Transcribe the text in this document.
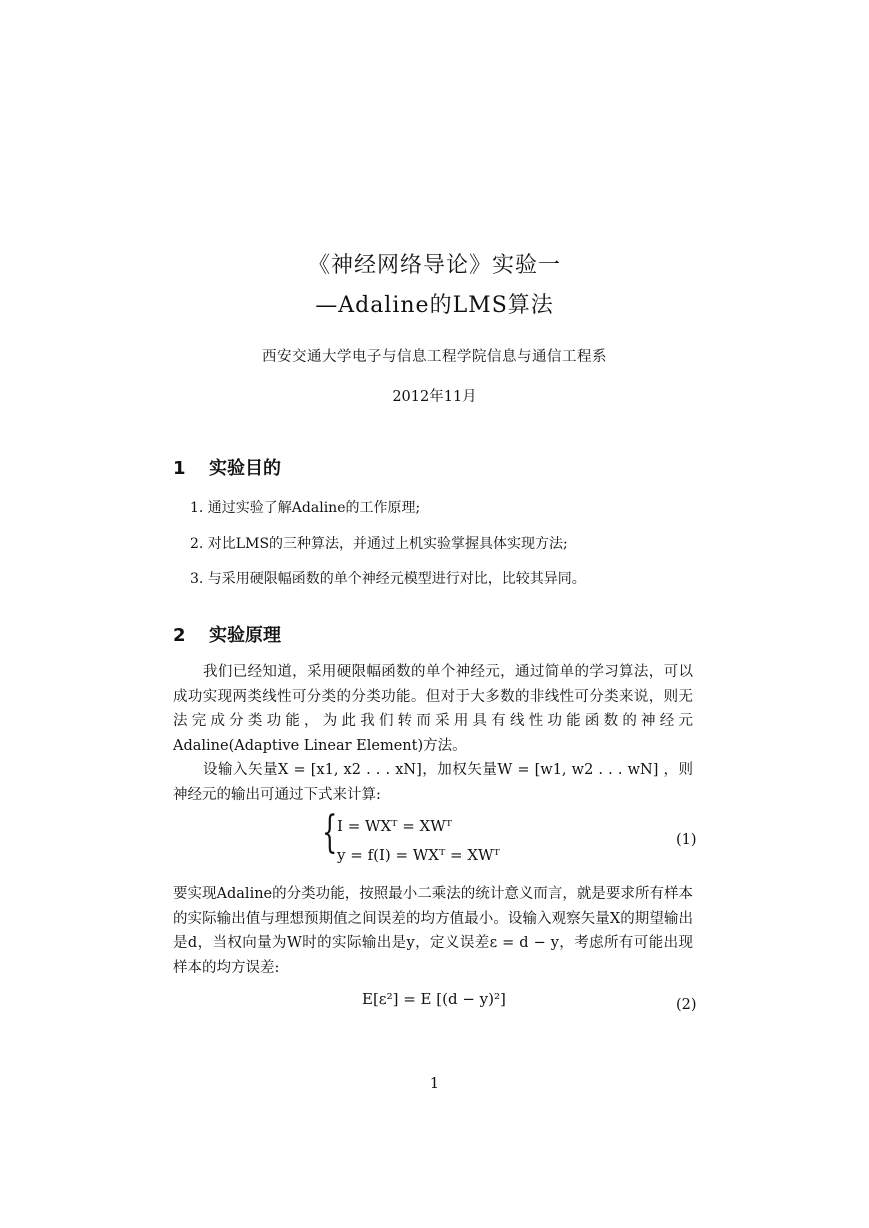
《神经网络导论》实验一
—Adaline的LMS算法
西安交通大学电子与信息工程学院信息与通信工程系
2012年11月
1 实验目的
1. 通过实验了解Adaline的工作原理;
2. 对比LMS的三种算法，并通过上机实验掌握具体实现方法;
3. 与采用硬限幅函数的单个神经元模型进行对比，比较其异同。
2 实验原理
我们已经知道，采用硬限幅函数的单个神经元，通过简单的学习算法，可以成功实现两类线性可分类的分类功能。但对于大多数的非线性可分类来说，则无法完成分类功能，为此我们转而采用具有线性功能函数的神经元Adaline(Adaptive Linear Element)方法。
设输入矢量X = [x1, x2 . . . xN]，加权矢量W = [w1, w2 . . . wN] ，则神经元的输出可通过下式来计算:
{ I = WXᵀ = XWᵀ
y = f(I) = WXᵀ = XWᵀ
(1)
要实现Adaline的分类功能，按照最小二乘法的统计意义而言，就是要求所有样本的实际输出值与理想预期值之间误差的均方值最小。设输入观察矢量X的期望输出是d，当权向量为W时的实际输出是y，定义误差ε = d − y，考虑所有可能出现样本的均方误差:
E[ε²] = E [(d − y)²]	(2)
1
